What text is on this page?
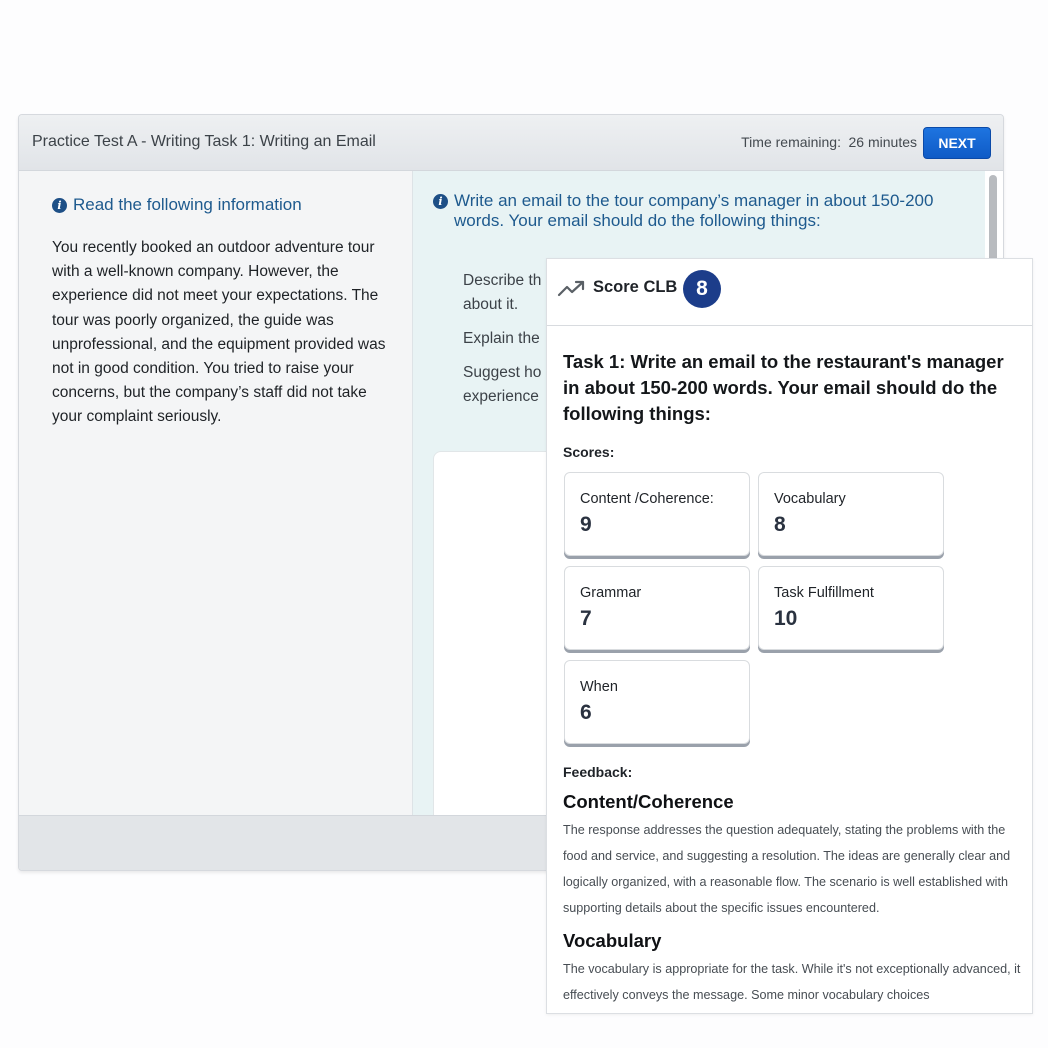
Practice Test A - Writing Task 1: Writing an Email	Time remaining: 26 minutes	NEXT
i Read the following information
You recently booked an outdoor adventure tour with a well-known company. However, the experience did not meet your expectations. The tour was poorly organized, the guide was unprofessional, and the equipment provided was not in good condition. You tried to raise your concerns, but the company’s staff did not take your complaint seriously.
i Write an email to the tour company’s manager in about 150-200 words. Your email should do the following things:
• Describe th
about it.
• Explain the
• Suggest ho
experience
Score CLB 8
Task 1: Write an email to the restaurant's manager in about 150-200 words. Your email should do the following things:
Scores:
Content /Coherence:
9
Vocabulary
8
Grammar
7
Task Fulfillment
10
When
6
Feedback:
Content/Coherence
The response addresses the question adequately, stating the problems with the food and service, and suggesting a resolution. The ideas are generally clear and logically organized, with a reasonable flow. The scenario is well established with supporting details about the specific issues encountered.
Vocabulary
The vocabulary is appropriate for the task. While it's not exceptionally advanced, it effectively conveys the message. Some minor vocabulary choices
